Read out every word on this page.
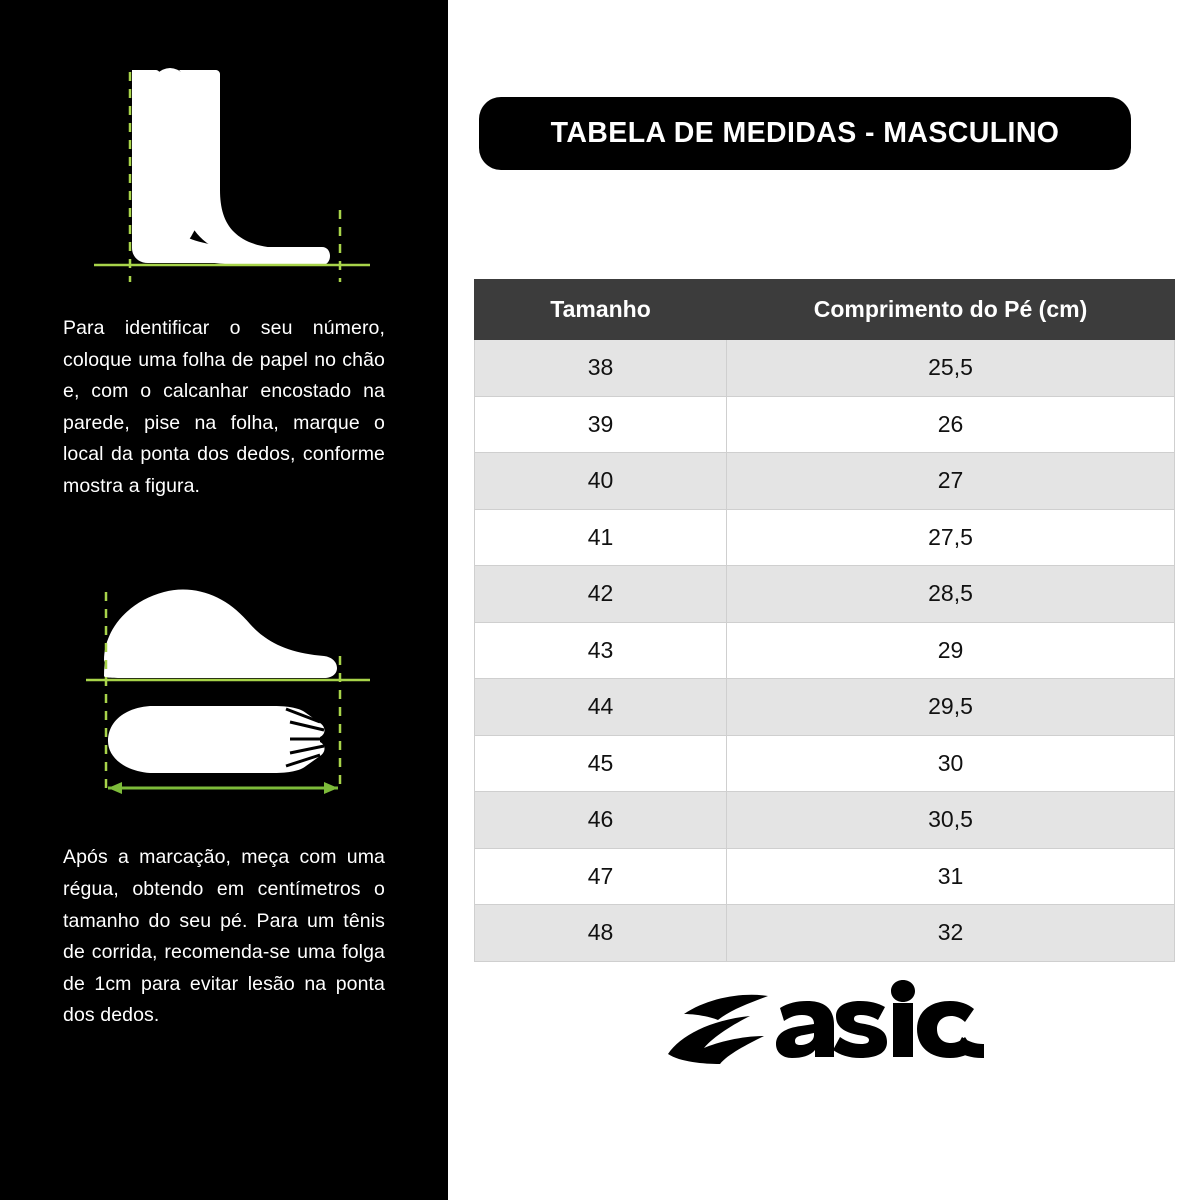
Para identificar o seu número, coloque uma folha de papel no chão e, com o calcanhar encostado na parede, pise na folha, marque o local da ponta dos dedos, conforme mostra a figura.
Após a marcação, meça com uma régua, obtendo em centímetros o tamanho do seu pé. Para um tênis de corrida, recomenda-se uma folga de 1cm para evitar lesão na ponta dos dedos.
TABELA DE MEDIDAS - MASCULINO
Tamanho	Comprimento do Pé (cm)
38	25,5
39	26
40	27
41	27,5
42	28,5
43	29
44	29,5
45	30
46	30,5
47	31
48	32
